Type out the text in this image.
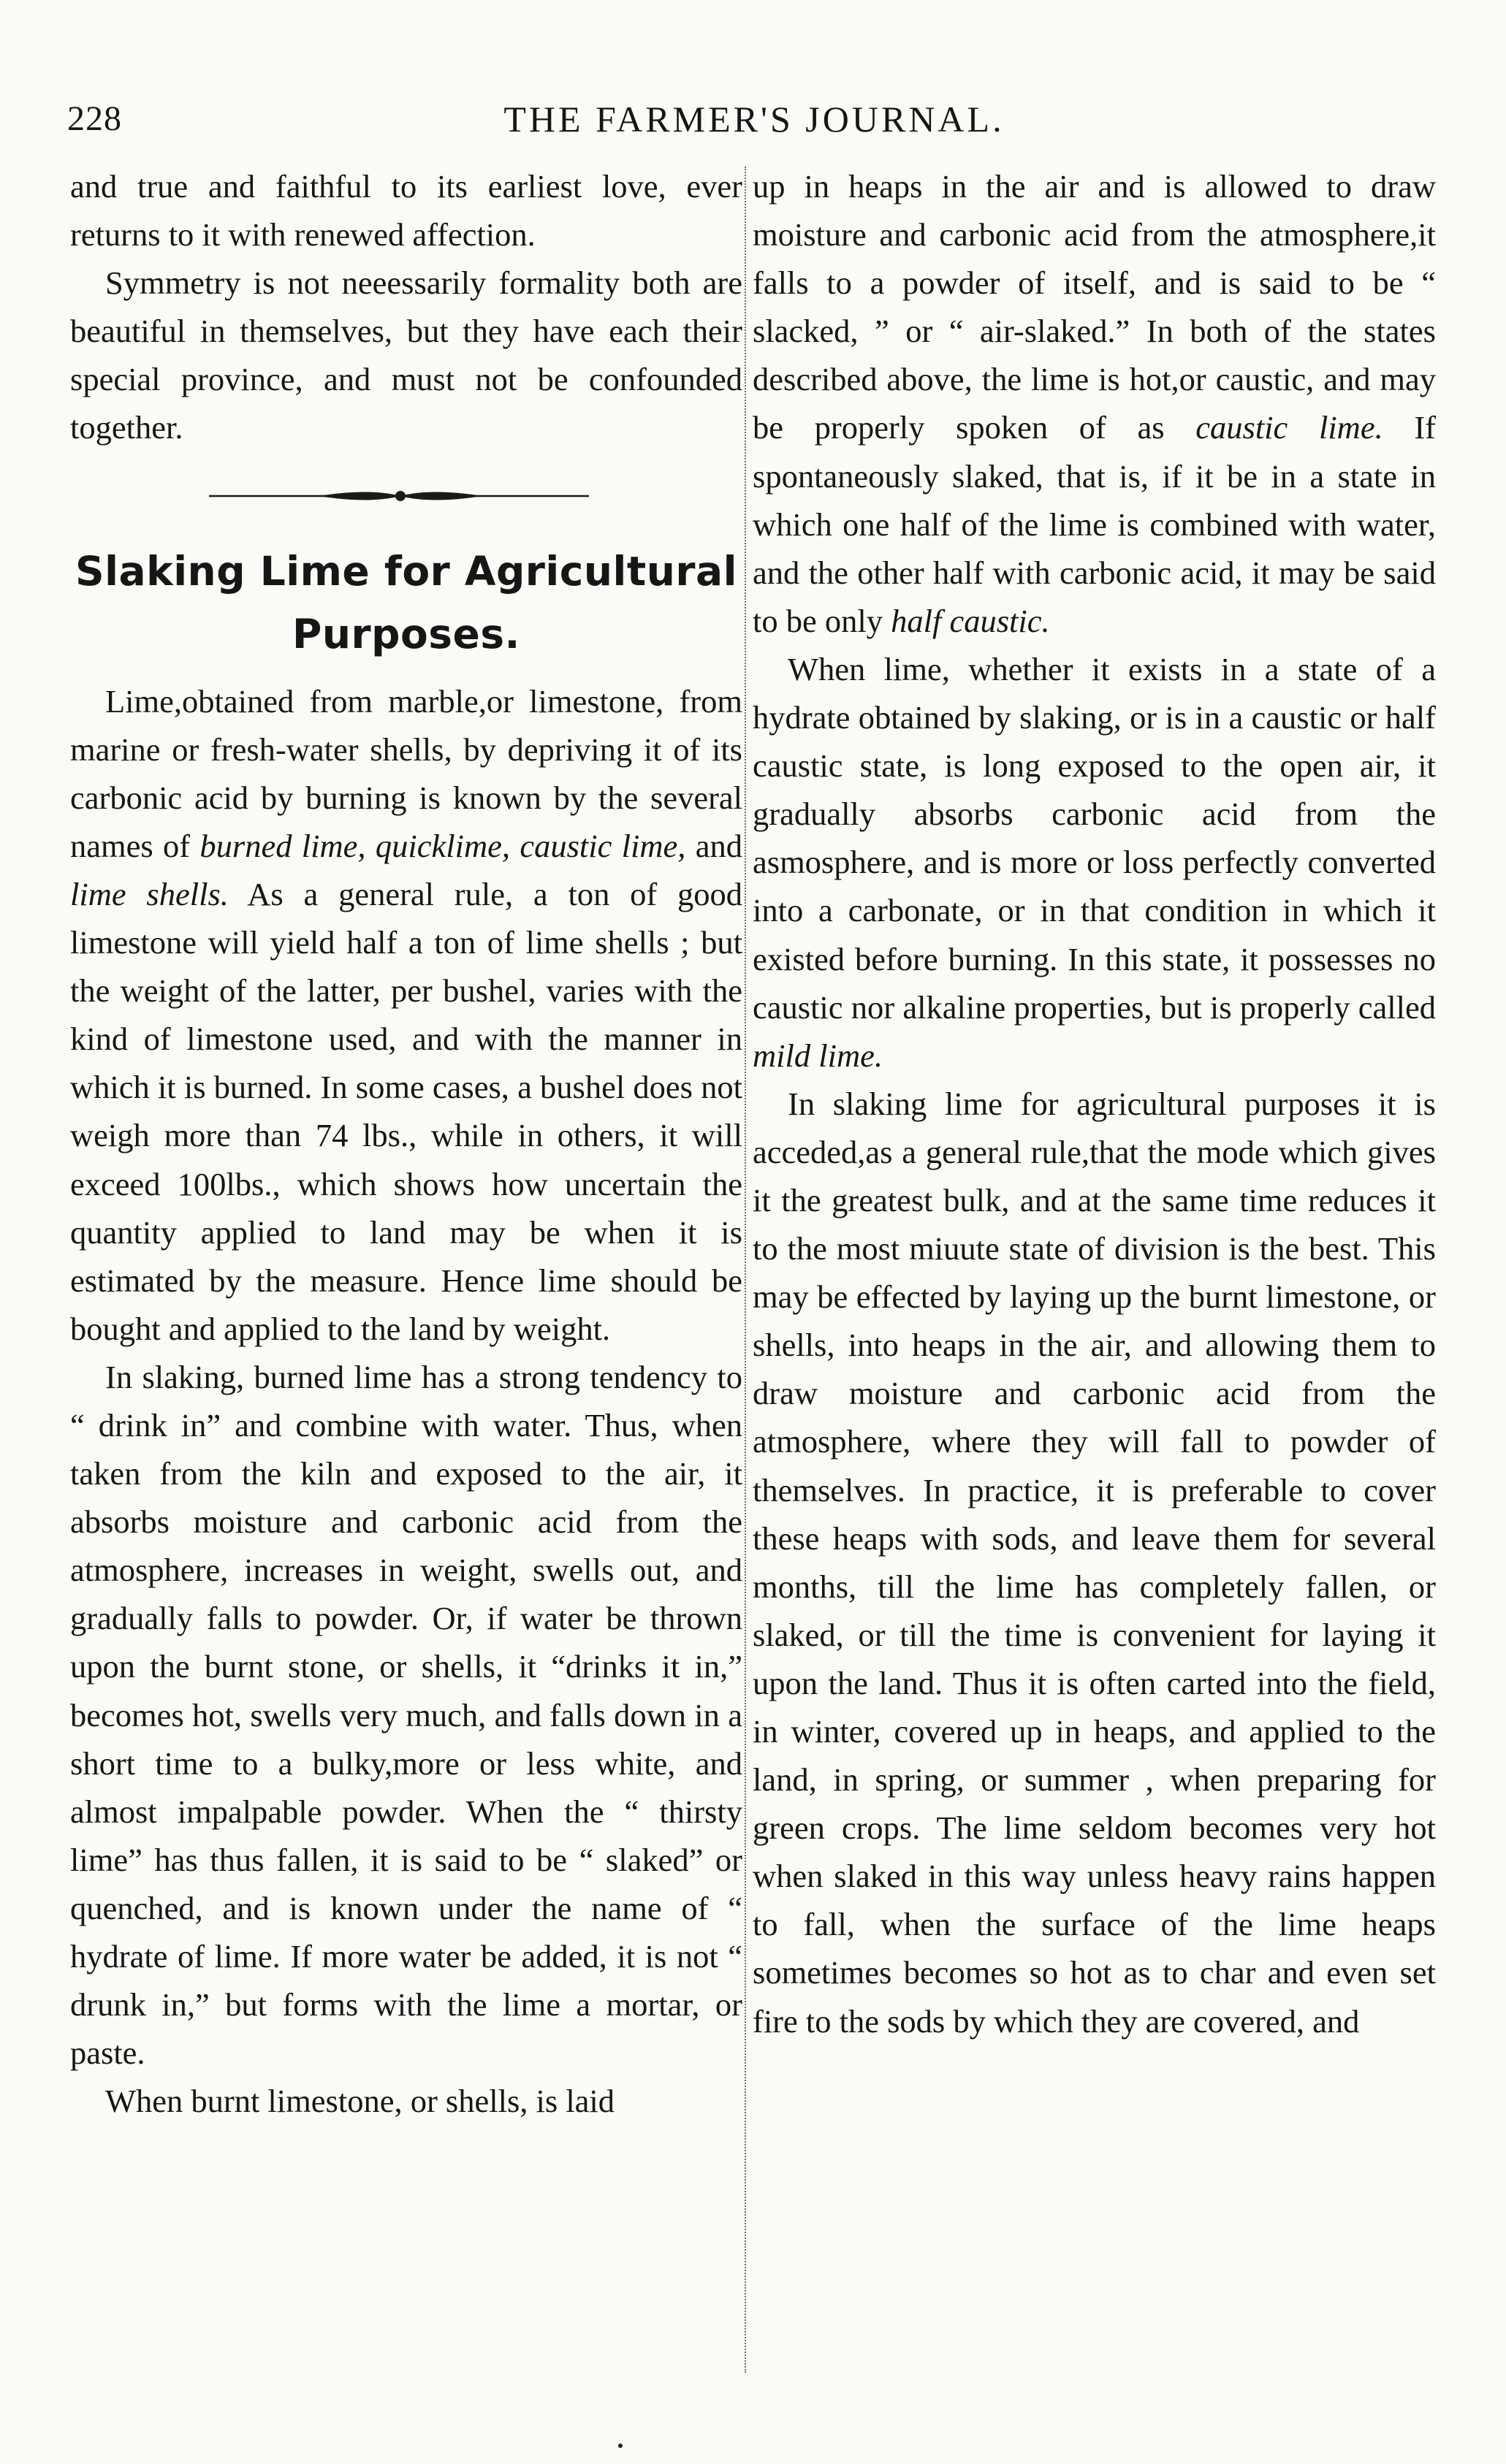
228	THE FARMER'S JOURNAL.

and true and faithful to its earliest love, ever returns to it with renewed affection.

Symmetry is not neeessarily formality both are beautiful in themselves, but they have each their special province, and must not be confounded together.

Slaking Lime for Agricultural
Purposes.

Lime,obtained from marble,or limestone, from marine or fresh-water shells, by depriving it of its carbonic acid by burning is known by the several names of burned lime, quicklime, caustic lime, and lime shells. As a general rule, a ton of good limestone will yield half a ton of lime shells ; but the weight of the latter, per bushel, varies with the kind of limestone used, and with the manner in which it is burned. In some cases, a bushel does not weigh more than 74 lbs., while in others, it will exceed 100lbs., which shows how uncertain the quantity applied to land may be when it is estimated by the measure. Hence lime should be bought and applied to the land by weight.

In slaking, burned lime has a strong tendency to “ drink in” and combine with water. Thus, when taken from the kiln and exposed to the air, it absorbs moisture and carbonic acid from the atmosphere, increases in weight, swells out, and gradually falls to powder. Or, if water be thrown upon the burnt stone, or shells, it “drinks it in,” becomes hot, swells very much, and falls down in a short time to a bulky,more or less white, and almost impalpable powder. When the “ thirsty lime” has thus fallen, it is said to be “ slaked” or quenched, and is known under the name of “ hydrate of lime. If more water be added, it is not “ drunk in,” but forms with the lime a mortar, or paste.

When burnt limestone, or shells, is laid

up in heaps in the air and is allowed to draw moisture and carbonic acid from the atmosphere,it falls to a powder of itself, and is said to be “ slacked, ” or “ air-slaked.” In both of the states described above, the lime is hot,or caustic, and may be properly spoken of as caustic lime. If spontaneously slaked, that is, if it be in a state in which one half of the lime is combined with water, and the other half with carbonic acid, it may be said to be only half caustic.

When lime, whether it exists in a state of a hydrate obtained by slaking, or is in a caustic or half caustic state, is long exposed to the open air, it gradually absorbs carbonic acid from the asmosphere, and is more or loss perfectly converted into a carbonate, or in that condition in which it existed before burning. In this state, it possesses no caustic nor alkaline properties, but is properly called mild lime.

In slaking lime for agricultural purposes it is acceded,as a general rule,that the mode which gives it the greatest bulk, and at the same time reduces it to the most miuute state of division is the best. This may be effected by laying up the burnt limestone, or shells, into heaps in the air, and allowing them to draw moisture and carbonic acid from the atmosphere, where they will fall to powder of themselves. In practice, it is preferable to cover these heaps with sods, and leave them for several months, till the lime has completely fallen, or slaked, or till the time is convenient for laying it upon the land. Thus it is often carted into the field, in winter, covered up in heaps, and applied to the land, in spring, or summer , when preparing for green crops. The lime seldom becomes very hot when slaked in this way unless heavy rains happen to fall, when the surface of the lime heaps sometimes becomes so hot as to char and even set fire to the sods by which they are covered, and
